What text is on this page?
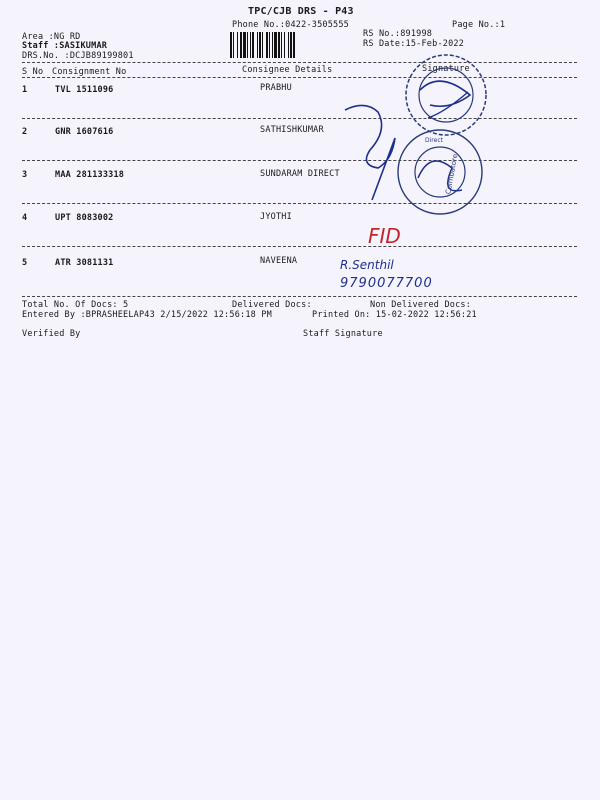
TPC/CJB DRS - P43
Phone No.:0422-3505555	Page No.:1
Area :NG RD
Staff :SASIKUMAR
DRS.No. :DCJB89199801
RS No.:891998
RS Date:15-Feb-2022
S No Consignment No	Consignee Details	Signature
1	TVL 1511096	PRABHU
2	GNR 1607616	SATHISHKUMAR
3	MAA 281133318	SUNDARAM DIRECT
4	UPT 8083002	JYOTHI
5	ATR 3081131	NAVEENA
Total No. Of Docs: 5	Delivered Docs:	Non Delivered Docs:
Entered By :BPRASHEELAP43 2/15/2022 12:56:18 PM	Printed On: 15-02-2022 12:56:21
Verified By	Staff Signature
Coimbatore
Direct
FID
R.Senthil
9790077700
